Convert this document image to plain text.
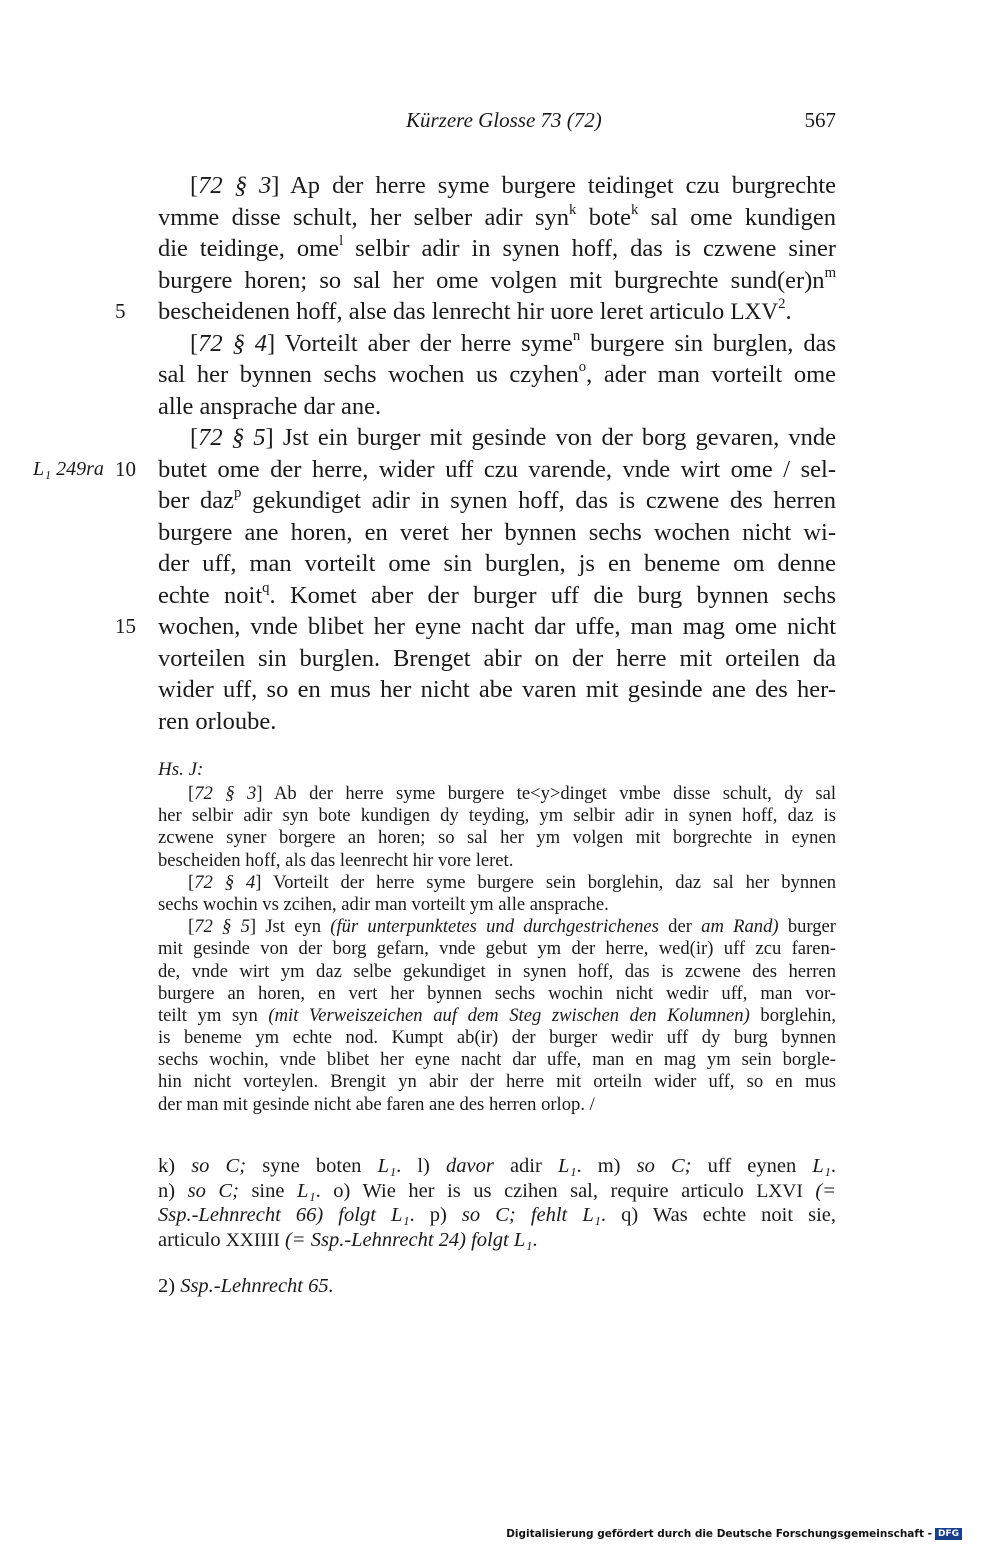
Kürzere Glosse 73 (72)	567
[72 § 3] Ap der herre syme burgere teidinget czu burgrechte
vmme disse schult, her selber adir syn$^k$ bote$^k$ sal ome kundigen
die teidinge, ome$^l$ selbir adir in synen hoff, das is czwene siner
burgere horen; so sal her ome volgen mit burgrechte $sund(er)n^m$
5 bescheidenen hoff, alse das lenrecht hir uore leret articulo LXV$^2$.
[72 § 4] Vorteilt aber der herre syme$^n$ burgere sin burglen, das
sal her bynnen sechs wochen us czyhen$^o$, ader man vorteilt ome
alle ansprache dar ane.
[72 § 5] Jst ein burger mit gesinde von der borg gevaren, vnde
L₁ 249ra 10 butet ome der herre, wider uff czu varende, vnde wirt ome / sel-
ber daz$^p$ gekundiget adir in synen hoff, das is czwene des herren
burgere ane horen, en veret her bynnen sechs wochen nicht wi-
der uff, man vorteilt ome sin burglen, js en beneme om denne
echte noit$^q$. Komet aber der burger uff die burg bynnen sechs
15 wochen, vnde blibet her eyne nacht dar uffe, man mag ome nicht
vorteilen sin burglen. Brenget abir on der herre mit orteilen da
wider uff, so en mus her nicht abe varen mit gesinde ane des her-
ren orloube.
Hs. J:
[72 § 3] Ab der herre syme burgere te<y>dinget vmbe disse schult, dy sal
her selbir adir syn bote kundigen dy teyding, ym selbir adir in synen hoff, daz is
zcwene syner borgere an horen; so sal her ym volgen mit borgrechte in eynen
bescheiden hoff, als das leenrecht hir vore leret.
[72 § 4] Vorteilt der herre syme burgere sein borglehin, daz sal her bynnen
sechs wochin vs zcihen, adir man vorteilt ym alle ansprache.
[72 § 5] Jst eyn (für unterpunktetes und durchgestrichenes der am Rand) burger
mit gesinde von der borg gefarn, vnde gebut ym der herre, wed(ir) uff zcu faren-
de, vnde wirt ym daz selbe gekundiget in synen hoff, das is zcwene des herren
burgere an horen, en vert her bynnen sechs wochin nicht wedir uff, man vor-
teilt ym syn (mit Verweiszeichen auf dem Steg zwischen den Kolumnen) borglehin,
is beneme ym echte nod. Kumpt ab(ir) der burger wedir uff dy burg bynnen
sechs wochin, vnde blibet her eyne nacht dar uffe, man en mag ym sein borgle-
hin nicht vorteylen. Brengit yn abir der herre mit orteiln wider uff, so en mus
der man mit gesinde nicht abe faren ane des herren orlop. /
k) so C; syne boten L₁. l) davor adir L₁. m) so C; uff eynen L₁.
n) so C; sine L₁. o) Wie her is us czihen sal, require articulo LXVI (=
Ssp.-Lehnrecht 66) folgt L₁. p) so C; fehlt L₁. q) Was echte noit sie,
articulo XXIIII (= Ssp.-Lehnrecht 24) folgt L₁.
2) Ssp.-Lehnrecht 65.
Digitalisierung gefördert durch die Deutsche Forschungsgemeinschaft - DFG
